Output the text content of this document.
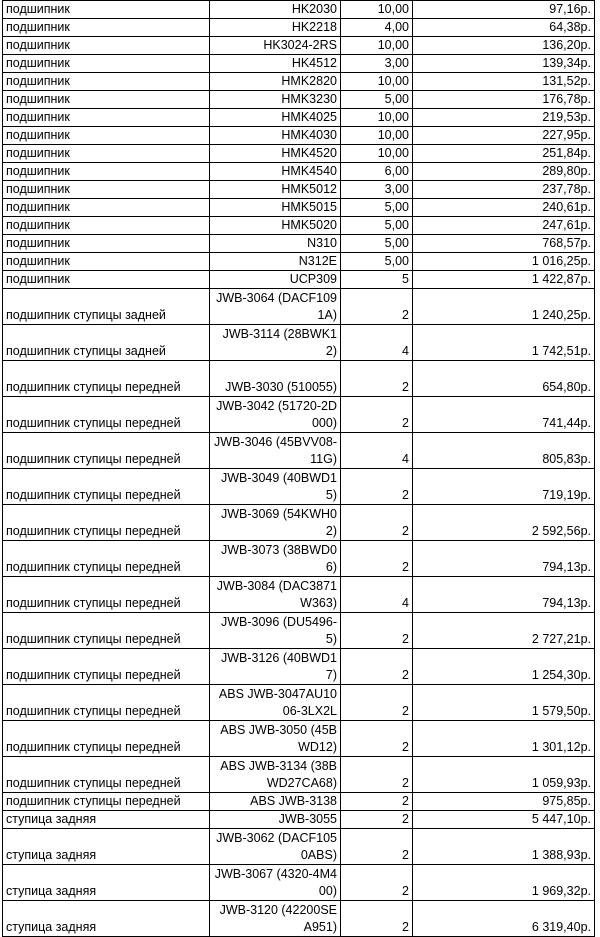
подшипник	HK2030	10,00	97,16р.
подшипник	HK2218	4,00	64,38р.
подшипник	HK3024-2RS	10,00	136,20р.
подшипник	HK4512	3,00	139,34р.
подшипник	HMK2820	10,00	131,52р.
подшипник	HMK3230	5,00	176,78р.
подшипник	HMK4025	10,00	219,53р.
подшипник	HMK4030	10,00	227,95р.
подшипник	HMK4520	10,00	251,84р.
подшипник	HMK4540	6,00	289,80р.
подшипник	HMK5012	3,00	237,78р.
подшипник	HMK5015	5,00	240,61р.
подшипник	HMK5020	5,00	247,61р.
подшипник	N310	5,00	768,57р.
подшипник	N312E	5,00	1 016,25р.
подшипник	UCP309	5	1 422,87р.
подшипник ступицы задней	JWB-3064 (DACF1091A)	2	1 240,25р.
подшипник ступицы задней	JWB-3114 (28BWK12)	4	1 742,51р.
подшипник ступицы передней	JWB-3030 (510055)	2	654,80р.
подшипник ступицы передней	JWB-3042 (51720-2D000)	2	741,44р.
подшипник ступицы передней	JWB-3046 (45BVV08-11G)	4	805,83р.
подшипник ступицы передней	JWB-3049 (40BWD15)	2	719,19р.
подшипник ступицы передней	JWB-3069 (54KWH02)	2	2 592,56р.
подшипник ступицы передней	JWB-3073 (38BWD06)	2	794,13р.
подшипник ступицы передней	JWB-3084 (DAC3871W363)	4	794,13р.
подшипник ступицы передней	JWB-3096 (DU5496-5)	2	2 727,21р.
подшипник ступицы передней	JWB-3126 (40BWD17)	2	1 254,30р.
подшипник ступицы передней	ABS JWB-3047AU1006-3LX2L	2	1 579,50р.
подшипник ступицы передней	ABS JWB-3050 (45BWD12)	2	1 301,12р.
подшипник ступицы передней	ABS JWB-3134 (38BWD27CA68)	2	1 059,93р.
подшипник ступицы передней	ABS JWB-3138	2	975,85р.
ступица задняя	JWB-3055	2	5 447,10р.
ступица задняя	JWB-3062 (DACF1050ABS)	2	1 388,93р.
ступица задняя	JWB-3067 (4320-4M400)	2	1 969,32р.
ступица задняя	JWB-3120 (42200SEA951)	2	6 319,40р.
